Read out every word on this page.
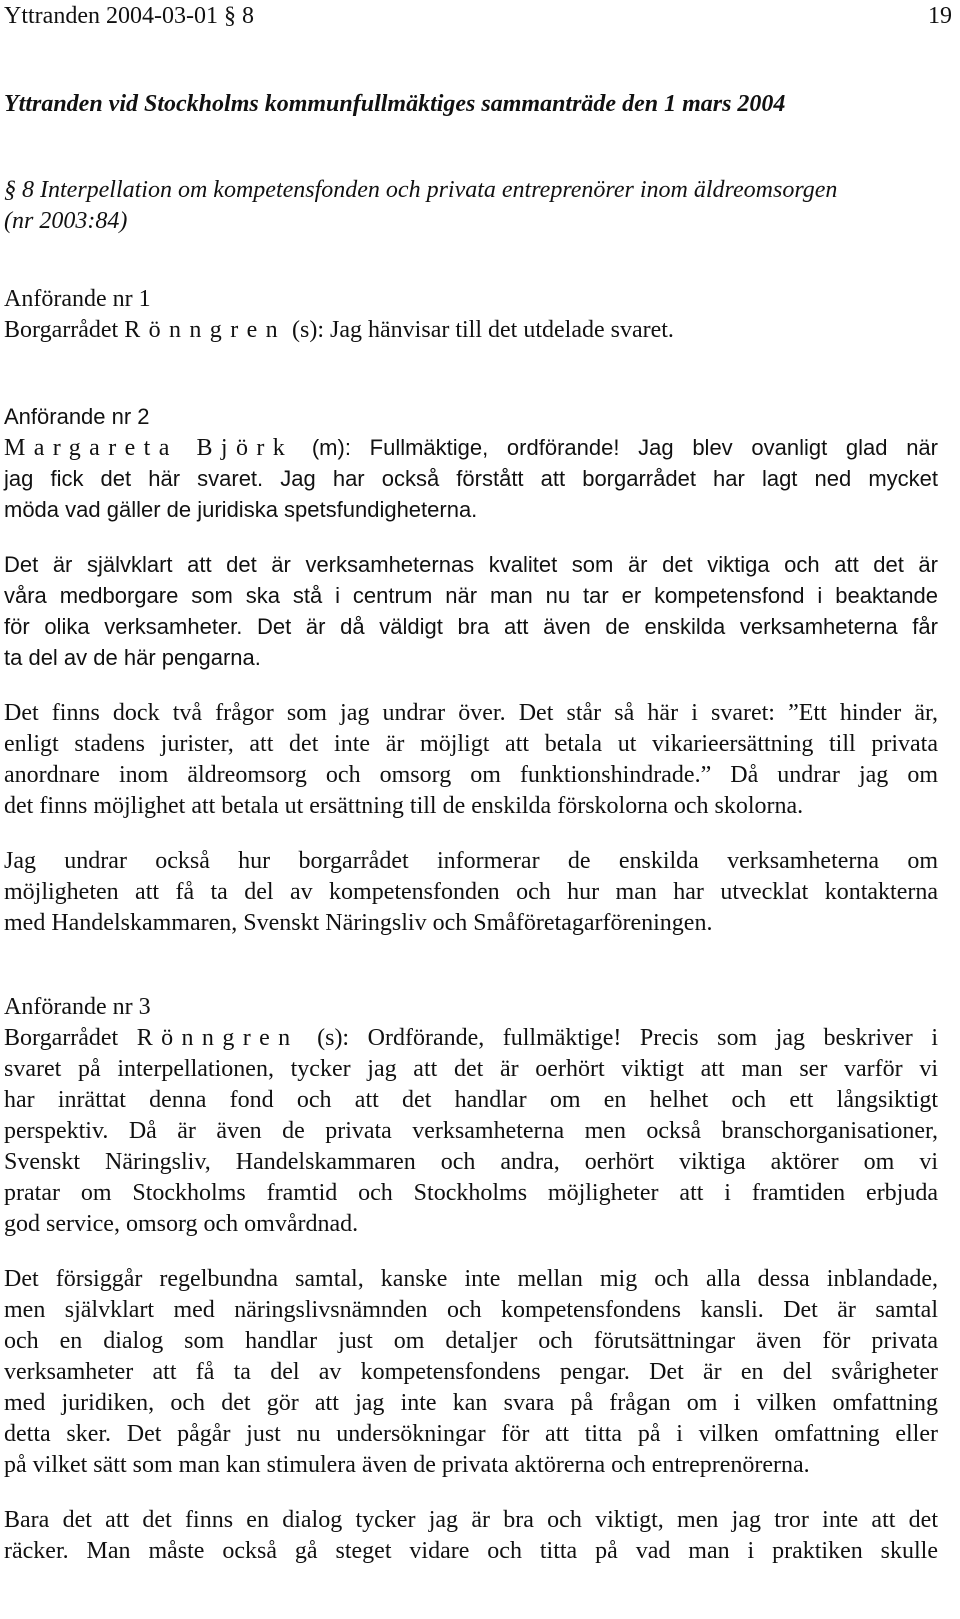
Yttranden 2004-03-01 § 8	19
Yttranden vid Stockholms kommunfullmäktiges sammanträde den 1 mars 2004
§ 8 Interpellation om kompetensfonden och privata entreprenörer inom äldreomsorgen
(nr 2003:84)
Anförande nr 1
Borgarrådet Rönngren (s): Jag hänvisar till det utdelade svaret.
Anförande nr 2
Margareta Björk (m): Fullmäktige, ordförande! Jag blev ovanligt glad när
jag fick det här svaret. Jag har också förstått att borgarrådet har lagt ned mycket
möda vad gäller de juridiska spetsfundigheterna.
Det är självklart att det är verksamheternas kvalitet som är det viktiga och att det är
våra medborgare som ska stå i centrum när man nu tar er kompetensfond i beaktande
för olika verksamheter. Det är då väldigt bra att även de enskilda verksamheterna får
ta del av de här pengarna.
Det finns dock två frågor som jag undrar över. Det står så här i svaret: ”Ett hinder är,
enligt stadens jurister, att det inte är möjligt att betala ut vikarieersättning till privata
anordnare inom äldreomsorg och omsorg om funktionshindrade.” Då undrar jag om
det finns möjlighet att betala ut ersättning till de enskilda förskolorna och skolorna.
Jag undrar också hur borgarrådet informerar de enskilda verksamheterna om
möjligheten att få ta del av kompetensfonden och hur man har utvecklat kontakterna
med Handelskammaren, Svenskt Näringsliv och Småföretagarföreningen.
Anförande nr 3
Borgarrådet Rönngren (s): Ordförande, fullmäktige! Precis som jag beskriver i
svaret på interpellationen, tycker jag att det är oerhört viktigt att man ser varför vi
har inrättat denna fond och att det handlar om en helhet och ett långsiktigt
perspektiv. Då är även de privata verksamheterna men också branschorganisationer,
Svenskt Näringsliv, Handelskammaren och andra, oerhört viktiga aktörer om vi
pratar om Stockholms framtid och Stockholms möjligheter att i framtiden erbjuda
god service, omsorg och omvårdnad.
Det försiggår regelbundna samtal, kanske inte mellan mig och alla dessa inblandade,
men självklart med näringslivsnämnden och kompetensfondens kansli. Det är samtal
och en dialog som handlar just om detaljer och förutsättningar även för privata
verksamheter att få ta del av kompetensfondens pengar. Det är en del svårigheter
med juridiken, och det gör att jag inte kan svara på frågan om i vilken omfattning
detta sker. Det pågår just nu undersökningar för att titta på i vilken omfattning eller
på vilket sätt som man kan stimulera även de privata aktörerna och entreprenörerna.
Bara det att det finns en dialog tycker jag är bra och viktigt, men jag tror inte att det
räcker. Man måste också gå steget vidare och titta på vad man i praktiken skulle
